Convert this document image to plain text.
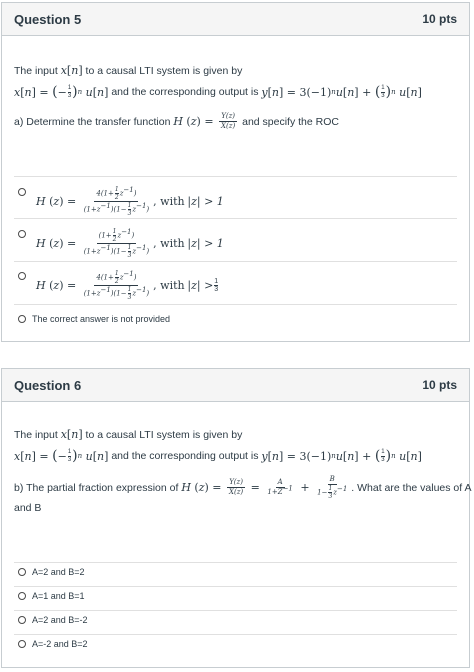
Question 5	10 pts
The input
x [ n ]
to a causal LTI system is given by
x [ n ] = ( − $\frac{1}{3}$ ) n u [ n ]
and the corresponding output is
y [ n ] = 3(−1) n u [ n ] + ( 1
3 ) n u [ n ]
a) Determine the transfer function
H ( z ) = $\frac{Y(z)}{X(z)}$
and specify the ROC
H ( z ) = $\frac{4(1+ \frac{1}{2} z-1)}{(1+z-1)(1- \frac{1}{3} z-1)}$ , with
|z| > 1
H ( z ) = $\frac{(1+ \frac{1}{2} z-1)}{(1+z-1)(1- \frac{1}{3} z-1)}$ , with
|z| > 1
H ( z ) = $\frac{4(1+ \frac{1}{2} z-1)}{(1+z-1)(1- \frac{1}{3} z-1)}$ , with
|z| > 1
3
The correct answer is not provided
Question 6	10 pts
The input
x [ n ]
to a causal LTI system is given by
x [ n ] = ( − $\frac{1}{3}$ ) n u [ n ]
and the corresponding output is
y [ n ] = 3(−1) n u [ n ] + ( 1
3 ) n u [ n ]
b) The partial fraction expression of
H ( z ) = $\frac{Y(z)}{X(z)} = \frac{A}{1+Z-1} + \frac{B}{1- \frac{1}{3} z-1}$ . What are the values of A
and B
A=2 and B=2
A=1 and B=1
A=2 and B=-2
A=-2 and B=2
